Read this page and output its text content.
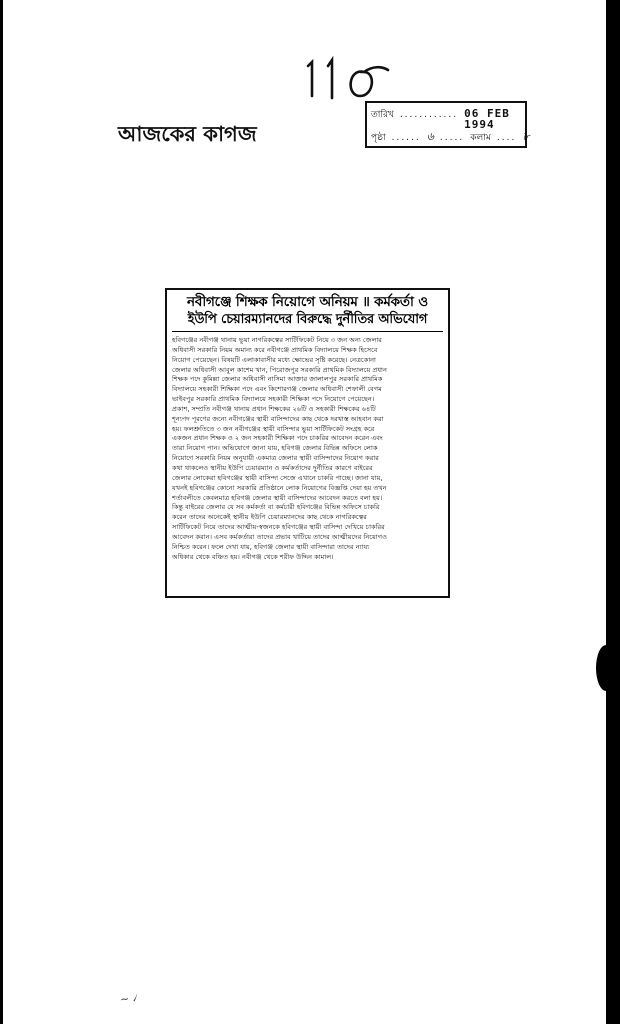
আজকের কাগজ
তারিখ ............ 06 FEB 1994
পৃষ্ঠা ...... ৬ ..... কলাম .... ৮
নবীগঞ্জে শিক্ষক নিয়োগে অনিয়ম ॥ কর্মকর্তা ও
ইউপি চেয়ারম্যানদের বিরুদ্ধে দুর্নীতির অভিযোগ
হবিগঞ্জের নবীগঞ্জ থানায় ভুয়া নাগরিকত্বের সার্টিফিকেট নিয়ে ৩ জন অন্য জেলার
অধিবাসী সরকারি নিয়ম অমান্য করে নবীগঞ্জে প্রাথমিক বিদ্যালয়ে শিক্ষক হিসেবে
নিয়োগ পেয়েছেন। বিষয়টি এলাকাবাসীর মধ্যে ক্ষোভের সৃষ্টি করেছে। নেত্রকোনা
জেলার অধিবাসী আবুল কাশেম খান, পিরোজপুর সরকারি প্রাথমিক বিদ্যালয়ে প্রধান
শিক্ষক পদে কুমিল্লা জেলার অধিবাসী নাসিমা আক্তার জালালপুর সরকারি প্রাথমিক
বিদ্যালয়ে সহকারী শিক্ষিকা পদে এবং কিশোরগঞ্জ জেলার অধিবাসী শেফালী বেগম
ভাইবপুর সরকারি প্রাথমিক বিদ্যালয়ে সহকারী শিক্ষিকা পদে নিয়োগে পেয়েছেন।
প্রকাশ, সম্প্রতি নবীগঞ্জ থানায় প্রধান শিক্ষকের ২৬টি ও সহকারী শিক্ষকের ৬৪টি
শূন্যপদ পূরণের জন্যে নবীগঞ্জের স্থায়ী বাসিন্দাদের কাছ থেকে দরখাস্ত আহবান করা
হয়। ফলশ্রুতিতে ৩ জন নবীগঞ্জের স্থায়ী বাসিন্দার ভুয়া সার্টিফিকেট সংগ্রহ করে
একজন প্রধান শিক্ষক ও ২ জন সহকারী শিক্ষিকা পদে চাকরির আবেদন করেন এবং
তারা নিয়োগ পান। অভিযোগে জানা যায়, হবিগঞ্জ জেলার বিভিন্ন অফিসে লোক
নিয়োগে সরকারি নিয়ম অনুযায়ী একমাত্র জেলার স্থায়ী বাসিন্দাদের নিয়োগ করার
কথা থাকলেও স্থানীয় ইউপি চেয়ারম্যান ও কর্মকর্তাদের দুর্নীতির কারণে বাইরের
জেলার লোকেরা হবিগঞ্জের স্থায়ী বাসিন্দা সেজে এখানে চাকরি পাচ্ছে। জানা যায়,
যখনই হবিগঞ্জের কোনো সরকারি প্রতিষ্ঠানে লোক নিয়োগের বিজ্ঞপ্তি দেয়া হয় তখন
শর্তাবলীতে কেবলমাত্র হবিগঞ্জ জেলার স্থায়ী বাসিন্দাদের আবেদন করতে বলা হয়।
কিন্তু বাইরের জেলার যে সব কর্মকর্তা বা কর্মচারী হবিগঞ্জের বিভিন্ন অফিসে চাকরি
করেন তাদের অনেকেই স্থানীয় ইউপি চেয়ারম্যানদের কাছ থেকে নাগরিকত্বের
সার্টিফিকেট নিয়ে তাদের আত্মীয়-স্বজনকে হবিগঞ্জের স্থায়ী বাসিন্দা দেখিয়ে চাকরির
আবেদন করান। এসব কর্মকর্তারা তাদের প্রভাব খাটিয়ে তাদের আত্মীয়দের নিয়োগও
নিশ্চিত করেন। ফলে দেখা যায়, হবিগঞ্জ জেলার স্থায়ী বাসিন্দারা তাদের ন্যায্য
অধিকার থেকে বঞ্চিত হয়। নবীগঞ্জ থেকে শরীফ উদ্দিন কামাল।
~ ৴
